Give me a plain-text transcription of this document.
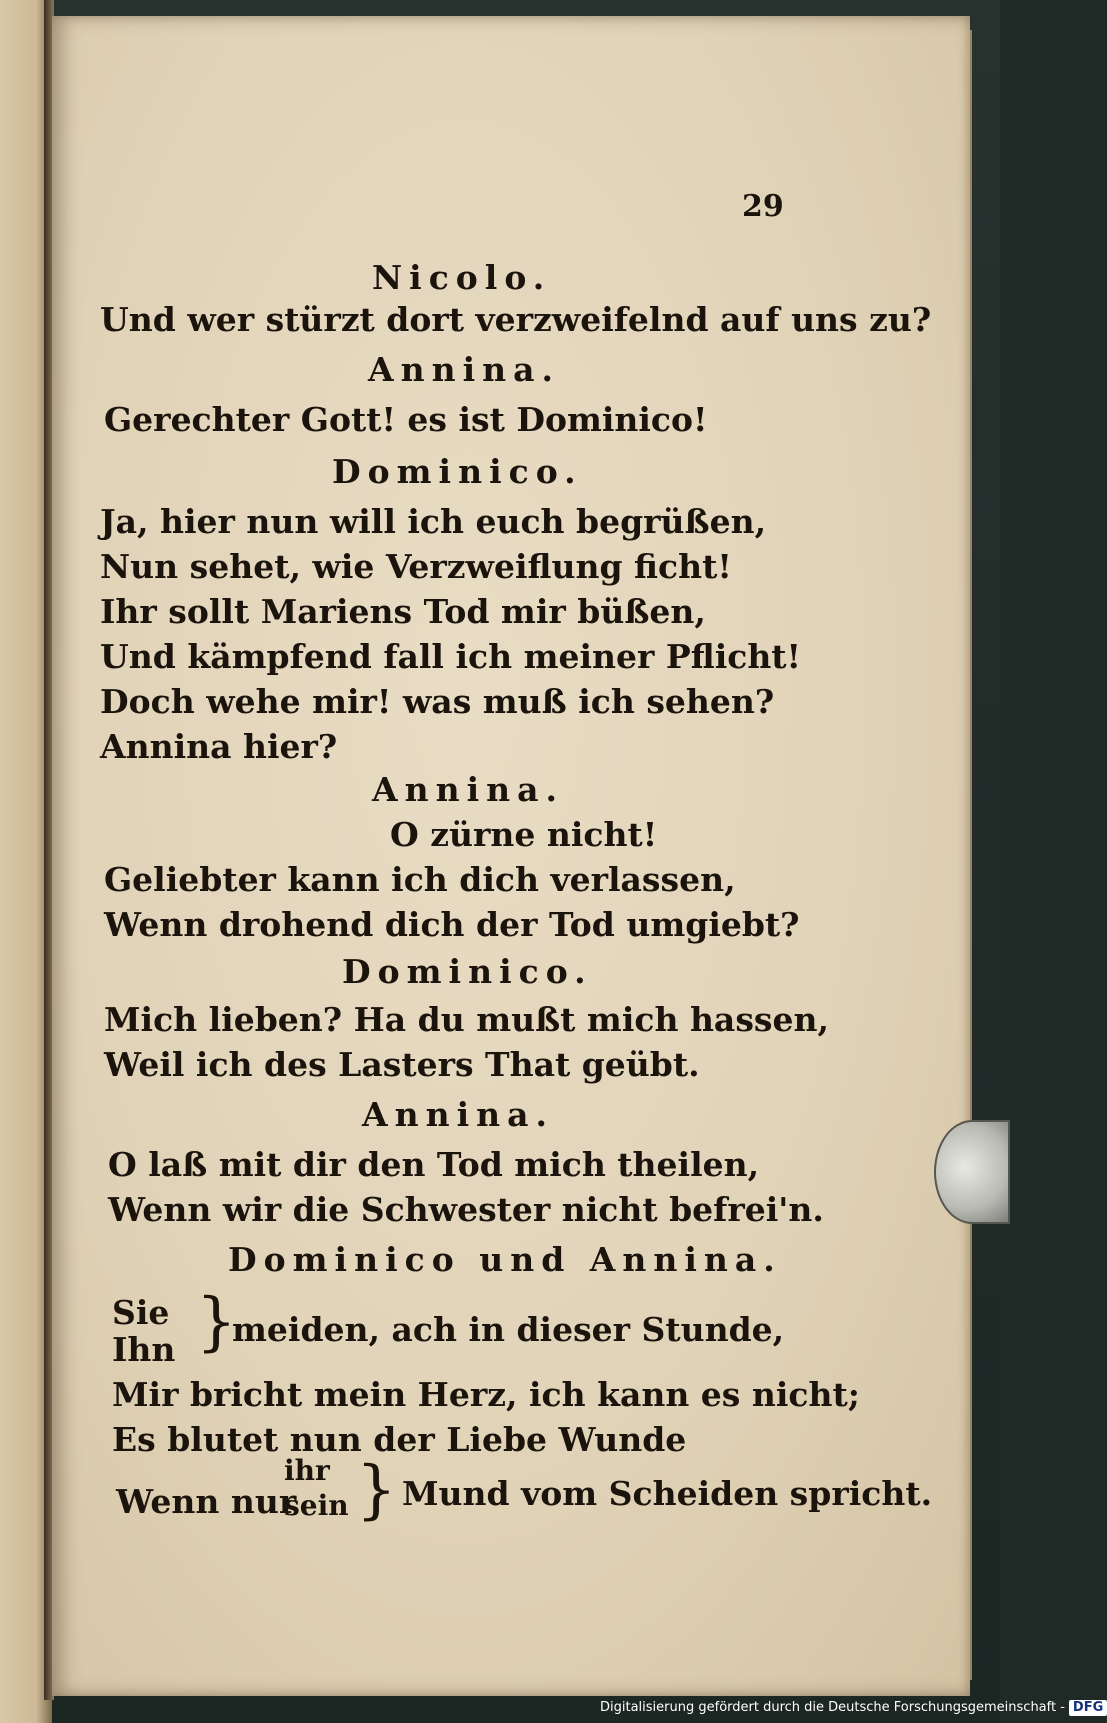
29

Nicolo.

Und wer stürzt dort verzweifelnd auf uns zu?

Annina.

Gerechter Gott! es ist Dominico!

Dominico.

Ja, hier nun will ich euch begrüßen,

Nun sehet, wie Verzweiflung ficht!

Ihr sollt Mariens Tod mir büßen,

Und kämpfend fall ich meiner Pflicht!

Doch wehe mir! was muß ich sehen?

Annina hier?

Annina.

O zürne nicht!

Geliebter kann ich dich verlassen,

Wenn drohend dich der Tod umgiebt?

Dominico.

Mich lieben? Ha du mußt mich hassen,

Weil ich des Lasters That geübt.

Annina.

O laß mit dir den Tod mich theilen,

Wenn wir die Schwester nicht befrei'n.

Dominico und Annina.

Sie

Ihn }

meiden, ach in dieser Stunde,

Mir bricht mein Herz, ich kann es nicht;

Es blutet nun der Liebe Wunde

Wenn nur

ihr

sein } Mund vom Scheiden spricht.

Digitalisierung gefördert durch die Deutsche Forschungsgemeinschaft - DFG
